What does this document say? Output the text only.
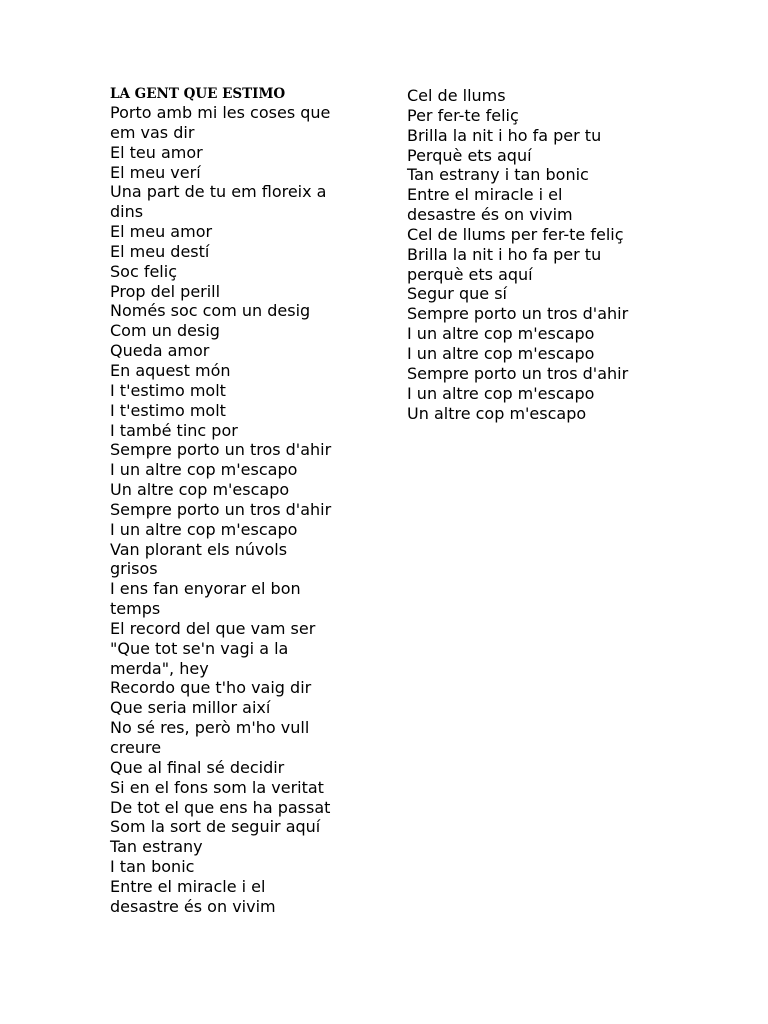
LA GENT QUE ESTIMO
Porto amb mi les coses que
em vas dir
El teu amor
El meu verí
Una part de tu em floreix a
dins
El meu amor
El meu destí
Soc feliç
Prop del perill
Només soc com un desig
Com un desig
Queda amor
En aquest món
I t'estimo molt
I t'estimo molt
I també tinc por
Sempre porto un tros d'ahir
I un altre cop m'escapo
Un altre cop m'escapo
Sempre porto un tros d'ahir
I un altre cop m'escapo
Van plorant els núvols
grisos
I ens fan enyorar el bon
temps
El record del que vam ser
"Que tot se'n vagi a la
merda", hey
Recordo que t'ho vaig dir
Que seria millor així
No sé res, però m'ho vull
creure
Que al final sé decidir
Si en el fons som la veritat
De tot el que ens ha passat
Som la sort de seguir aquí
Tan estrany
I tan bonic
Entre el miracle i el
desastre és on vivim
Cel de llums
Per fer-te feliç
Brilla la nit i ho fa per tu
Perquè ets aquí
Tan estrany i tan bonic
Entre el miracle i el
desastre és on vivim
Cel de llums per fer-te feliç
Brilla la nit i ho fa per tu
perquè ets aquí
Segur que sí
Sempre porto un tros d'ahir
I un altre cop m'escapo
I un altre cop m'escapo
Sempre porto un tros d'ahir
I un altre cop m'escapo
Un altre cop m'escapo
